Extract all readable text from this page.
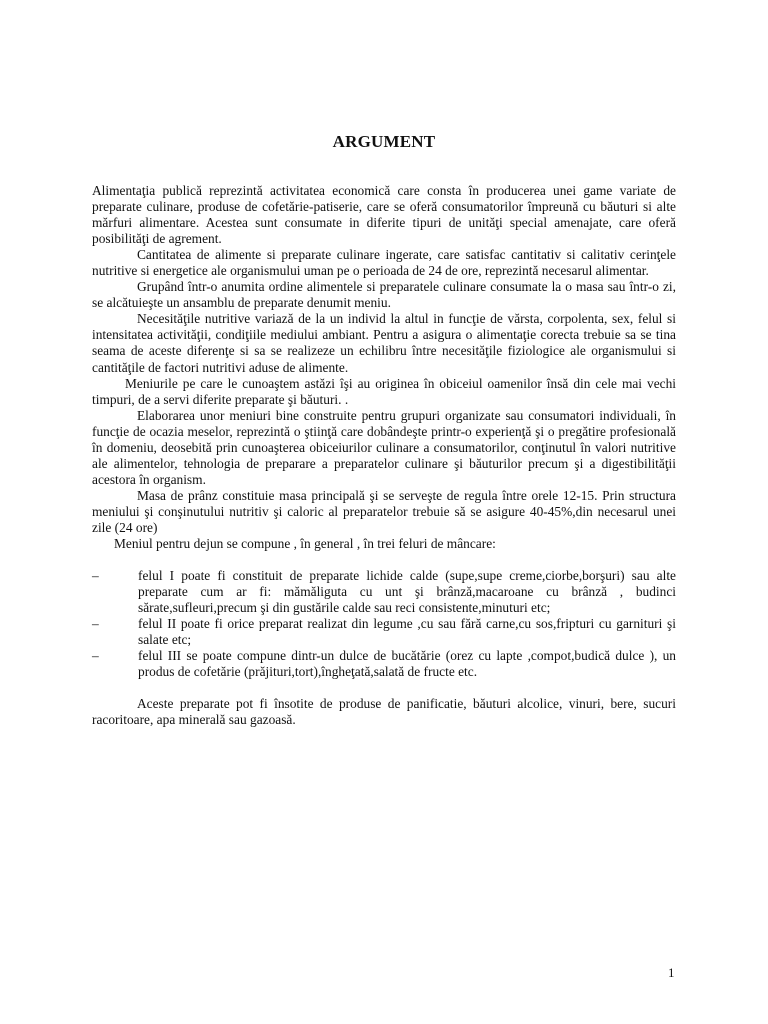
ARGUMENT

Alimentaţia publică reprezintă activitatea economică care consta în producerea unei game variate de preparate culinare, produse de cofetărie-patiserie, care se oferă consumatorilor împreună cu băuturi si alte mărfuri alimentare. Acestea sunt consumate in diferite tipuri de unităţi special amenajate, care oferă posibilităţi de agrement.

Cantitatea de alimente si preparate culinare ingerate, care satisfac cantitativ si calitativ cerinţele nutritive si energetice ale organismului uman pe o perioada de 24 de ore, reprezintă necesarul alimentar.

Grupând într-o anumita ordine alimentele si preparatele culinare consumate la o masa sau într-o zi, se alcătuieşte un ansamblu de preparate denumit meniu.

Necesităţile nutritive variază de la un individ la altul in funcţie de vărsta, corpolenta, sex, felul si intensitatea activităţii, condiţiile mediului ambiant. Pentru a asigura o alimentaţie corecta trebuie sa se tina seama de aceste diferenţe si sa se realizeze un echilibru între necesităţile fiziologice ale organismului si cantităţile de factori nutritivi aduse de alimente.

Meniurile pe care le cunoaştem astăzi îşi au originea în obiceiul oamenilor însă din cele mai vechi timpuri, de a servi diferite preparate şi băuturi. .

Elaborarea unor meniuri bine construite pentru grupuri organizate sau consumatori individuali, în funcţie de ocazia meselor, reprezintă o ştiinţă care dobândeşte printr-o experienţă şi o pregătire profesională în domeniu, deosebită prin cunoaşterea obiceiurilor culinare a consumatorilor, conţinutul în valori nutritive ale alimentelor, tehnologia de preparare a preparatelor culinare şi băuturilor precum şi a digestibilităţii acestora în organism.

Masa de prânz constituie masa principală şi se serveşte de regula între orele 12-15. Prin structura meniului şi conşinutului nutritiv şi caloric al preparatelor trebuie să se asigure 40-45%,din necesarul unei zile (24 ore)

Meniul pentru dejun se compune , în general , în trei feluri de mâncare:

–	felul I poate fi constituit de preparate lichide calde (supe,supe creme,ciorbe,borşuri) sau alte preparate cum ar fi: mămăliguta cu unt şi brânză,macaroane cu brânză , budinci sărate,sufleuri,precum şi din gustările calde sau reci consistente,minuturi etc;
–	felul II poate fi orice preparat realizat din legume ,cu sau fără carne,cu sos,fripturi cu garnituri şi salate etc;
–	felul III se poate compune dintr-un dulce de bucătărie (orez cu lapte ,compot,budică dulce ), un produs de cofetărie (prăjituri,tort),îngheţată,salată de fructe etc.

Aceste preparate pot fi însotite de produse de panificatie, băuturi alcolice, vinuri, bere, sucuri racoritoare, apa minerală sau gazoasă.

1
